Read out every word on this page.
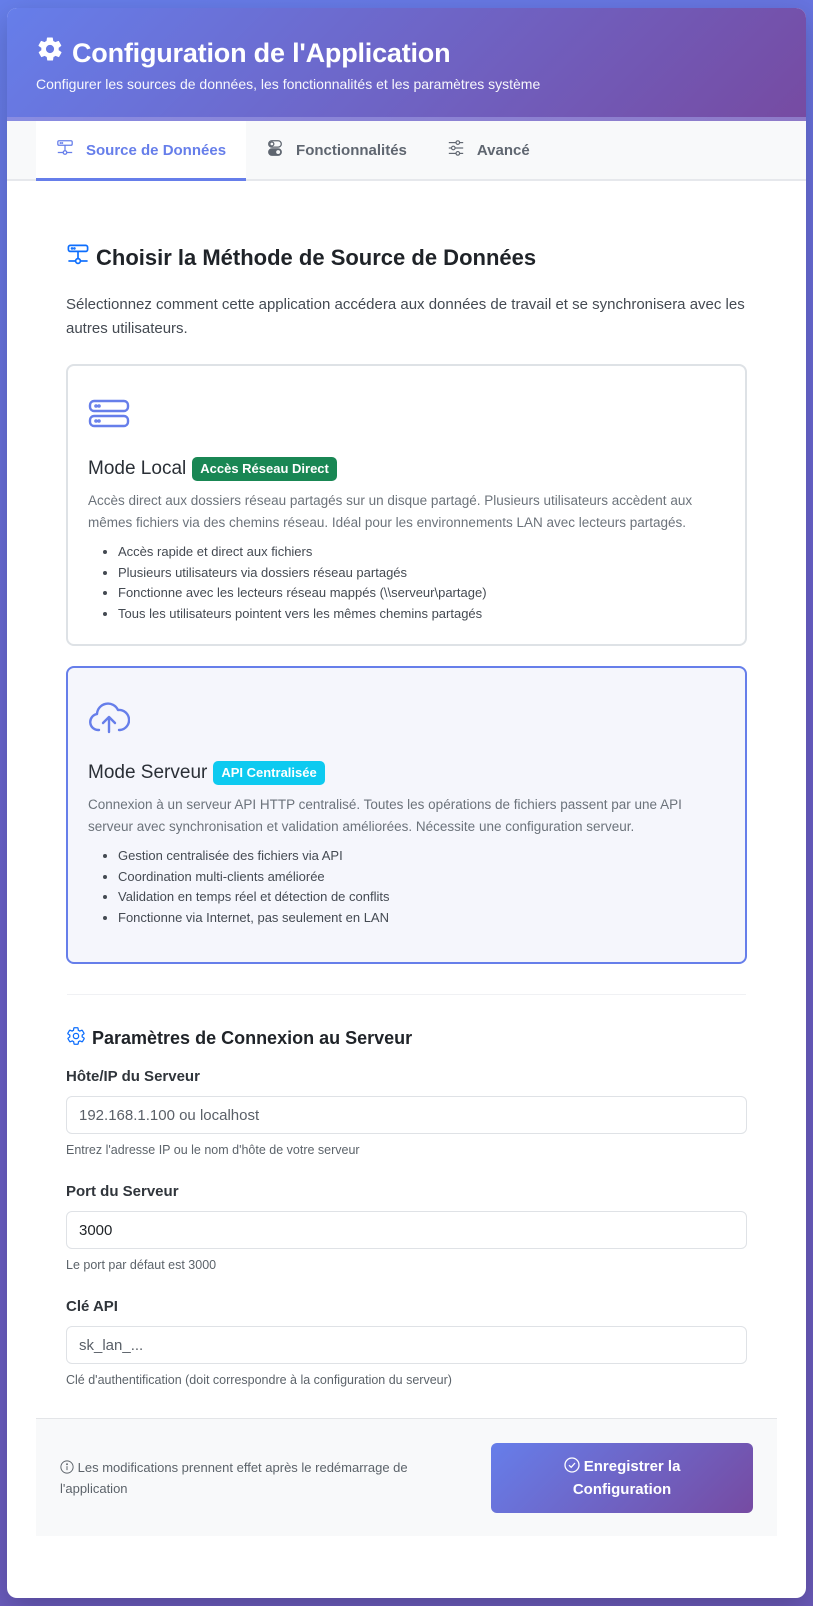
Configuration de l'Application
Configurer les sources de données, les fonctionnalités et les paramètres système
Source de Données	Fonctionnalités	Avancé
Choisir la Méthode de Source de Données

Sélectionnez comment cette application accédera aux données de travail et se synchronisera avec les autres utilisateurs.

Mode Local	Accès Réseau Direct

Accès direct aux dossiers réseau partagés sur un disque partagé. Plusieurs utilisateurs accèdent aux mêmes fichiers via des chemins réseau. Idéal pour les environnements LAN avec lecteurs partagés.

• Accès rapide et direct aux fichiers
• Plusieurs utilisateurs via dossiers réseau partagés
• Fonctionne avec les lecteurs réseau mappés (\\serveur\partage)
• Tous les utilisateurs pointent vers les mêmes chemins partagés
Mode Serveur	API Centralisée

Connexion à un serveur API HTTP centralisé. Toutes les opérations de fichiers passent par une API serveur avec synchronisation et validation améliorées. Nécessite une configuration serveur.

• Gestion centralisée des fichiers via API
• Coordination multi-clients améliorée
• Validation en temps réel et détection de conflits
• Fonctionne via Internet, pas seulement en LAN
Paramètres de Connexion au Serveur
Hôte/IP du Serveur
192.168.1.100 ou localhost
Entrez l'adresse IP ou le nom d'hôte de votre serveur
Port du Serveur
3000
Le port par défaut est 3000
Clé API
sk_lan_...
Clé d'authentification (doit correspondre à la configuration du serveur)
Les modifications prennent effet après le redémarrage de l'application
Enregistrer la Configuration
